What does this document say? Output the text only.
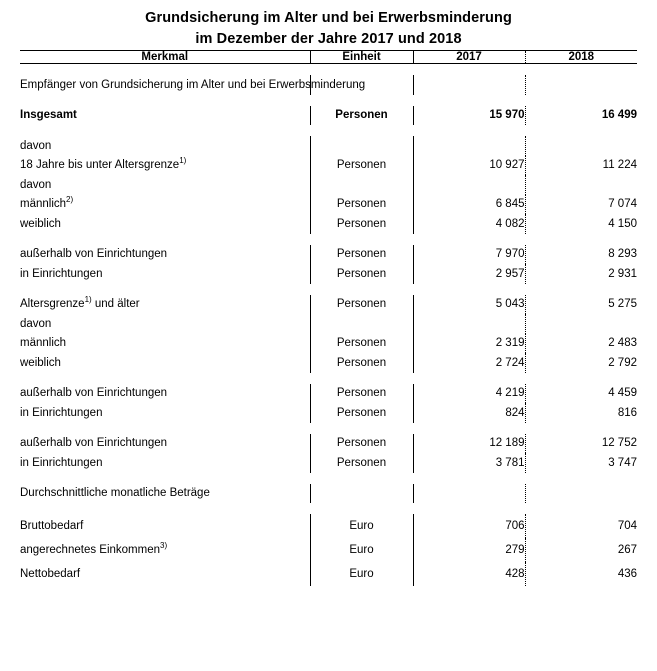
Grundsicherung im Alter und bei Erwerbsminderung
im Dezember der Jahre 2017 und 2018

Merkmal	Einheit	2017	2018

Empfänger von Grundsicherung im Alter und bei Erwerbsminderung			

Insgesamt	Personen	15 970	16 499

davon			
18 Jahre bis unter Altersgrenze$^{1)}$	Personen	10 927	11 224
davon			
männlich$^{2)}$	Personen	6 845	7 074
weiblich	Personen	4 082	4 150

außerhalb von Einrichtungen	Personen	7 970	8 293
in Einrichtungen	Personen	2 957	2 931

Altersgrenze$^{1)}$ und älter	Personen	5 043	5 275
davon			
männlich	Personen	2 319	2 483
weiblich	Personen	2 724	2 792

außerhalb von Einrichtungen	Personen	4 219	4 459
in Einrichtungen	Personen	824	816

außerhalb von Einrichtungen	Personen	12 189	12 752
in Einrichtungen	Personen	3 781	3 747

Durchschnittliche monatliche Beträge			

Bruttobedarf	Euro	706	704
angerechnetes Einkommen$^{3)}$	Euro	279	267
Nettobedarf	Euro	428	436
